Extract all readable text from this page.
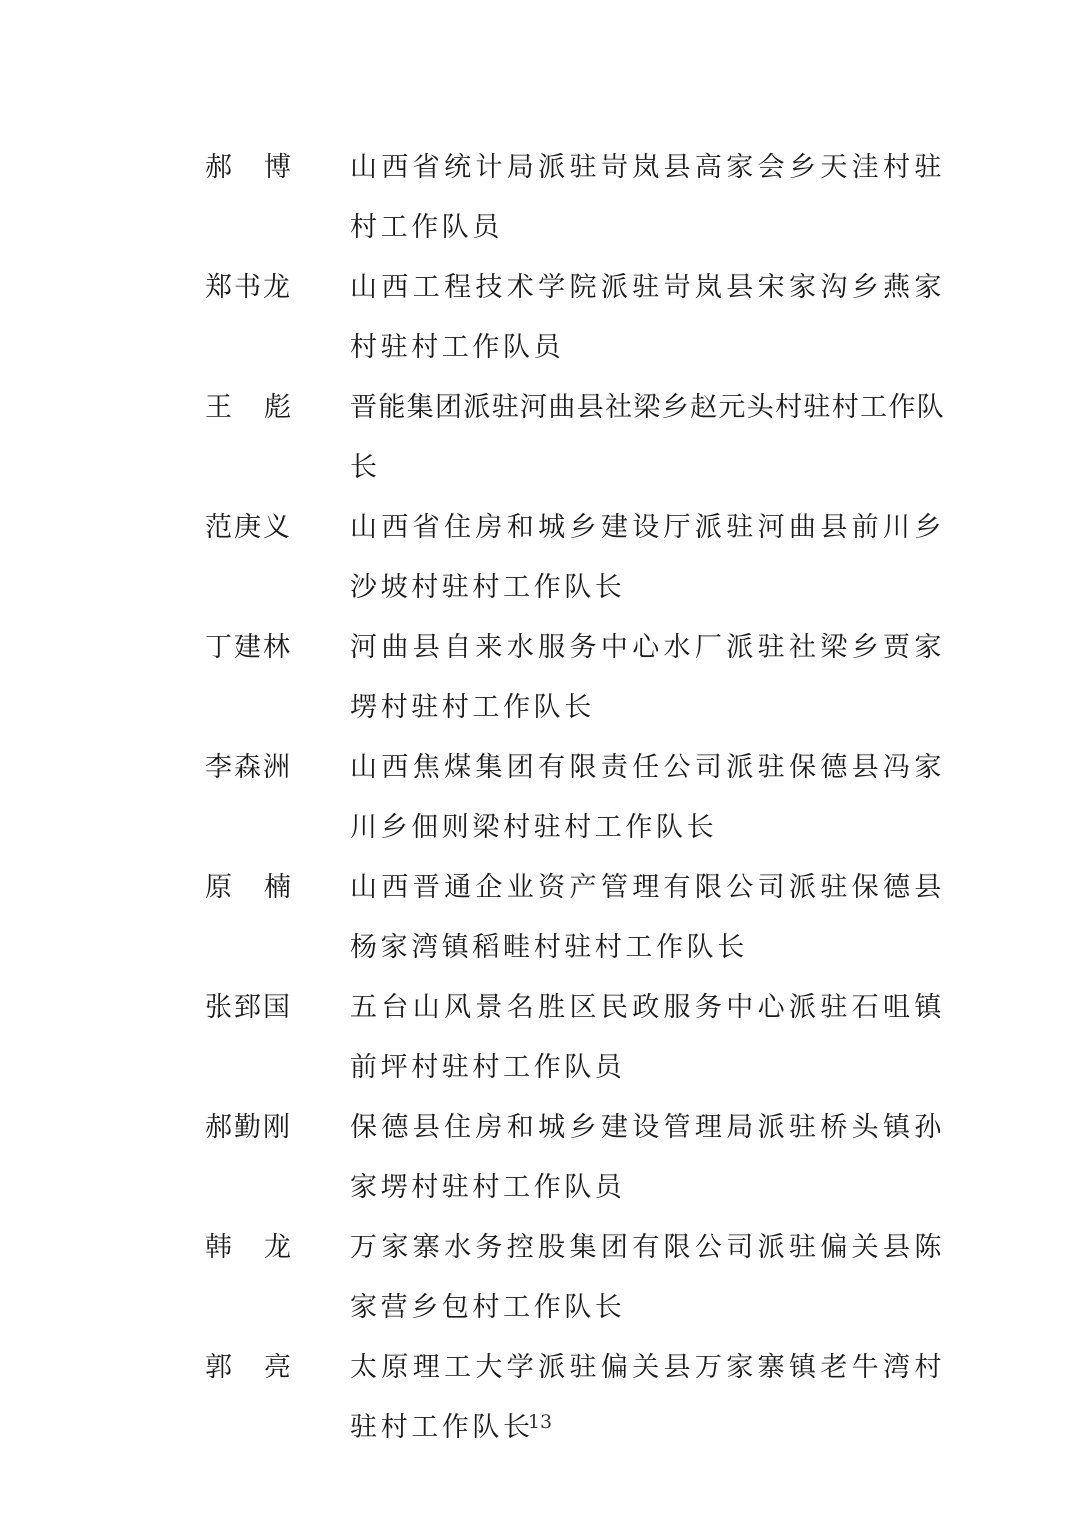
郝 博 山西省统计局派驻岢岚县高家会乡天洼村驻村工作队员
郑书龙	山西工程技术学院派驻岢岚县宋家沟乡燕家村驻村工作队员
王 彪 晋能集团派驻河曲县社梁乡赵元头村驻村工作队长
范庚义	山西省住房和城乡建设厅派驻河曲县前川乡沙坡村驻村工作队长
丁建林	河曲县自来水服务中心水厂派驻社梁乡贾家塄村驻村工作队长
李森洲	山西焦煤集团有限责任公司派驻保德县冯家川乡佃则梁村驻村工作队长
原 楠 山西晋通企业资产管理有限公司派驻保德县杨家湾镇稻畦村驻村工作队长
张郅国	五台山风景名胜区民政服务中心派驻石咀镇前坪村驻村工作队员
郝勤刚	保德县住房和城乡建设管理局派驻桥头镇孙家塄村驻村工作队员
韩 龙 万家寨水务控股集团有限公司派驻偏关县陈家营乡包村工作队长
郭 亮 太原理工大学派驻偏关县万家寨镇老牛湾村驻村工作队长
13
